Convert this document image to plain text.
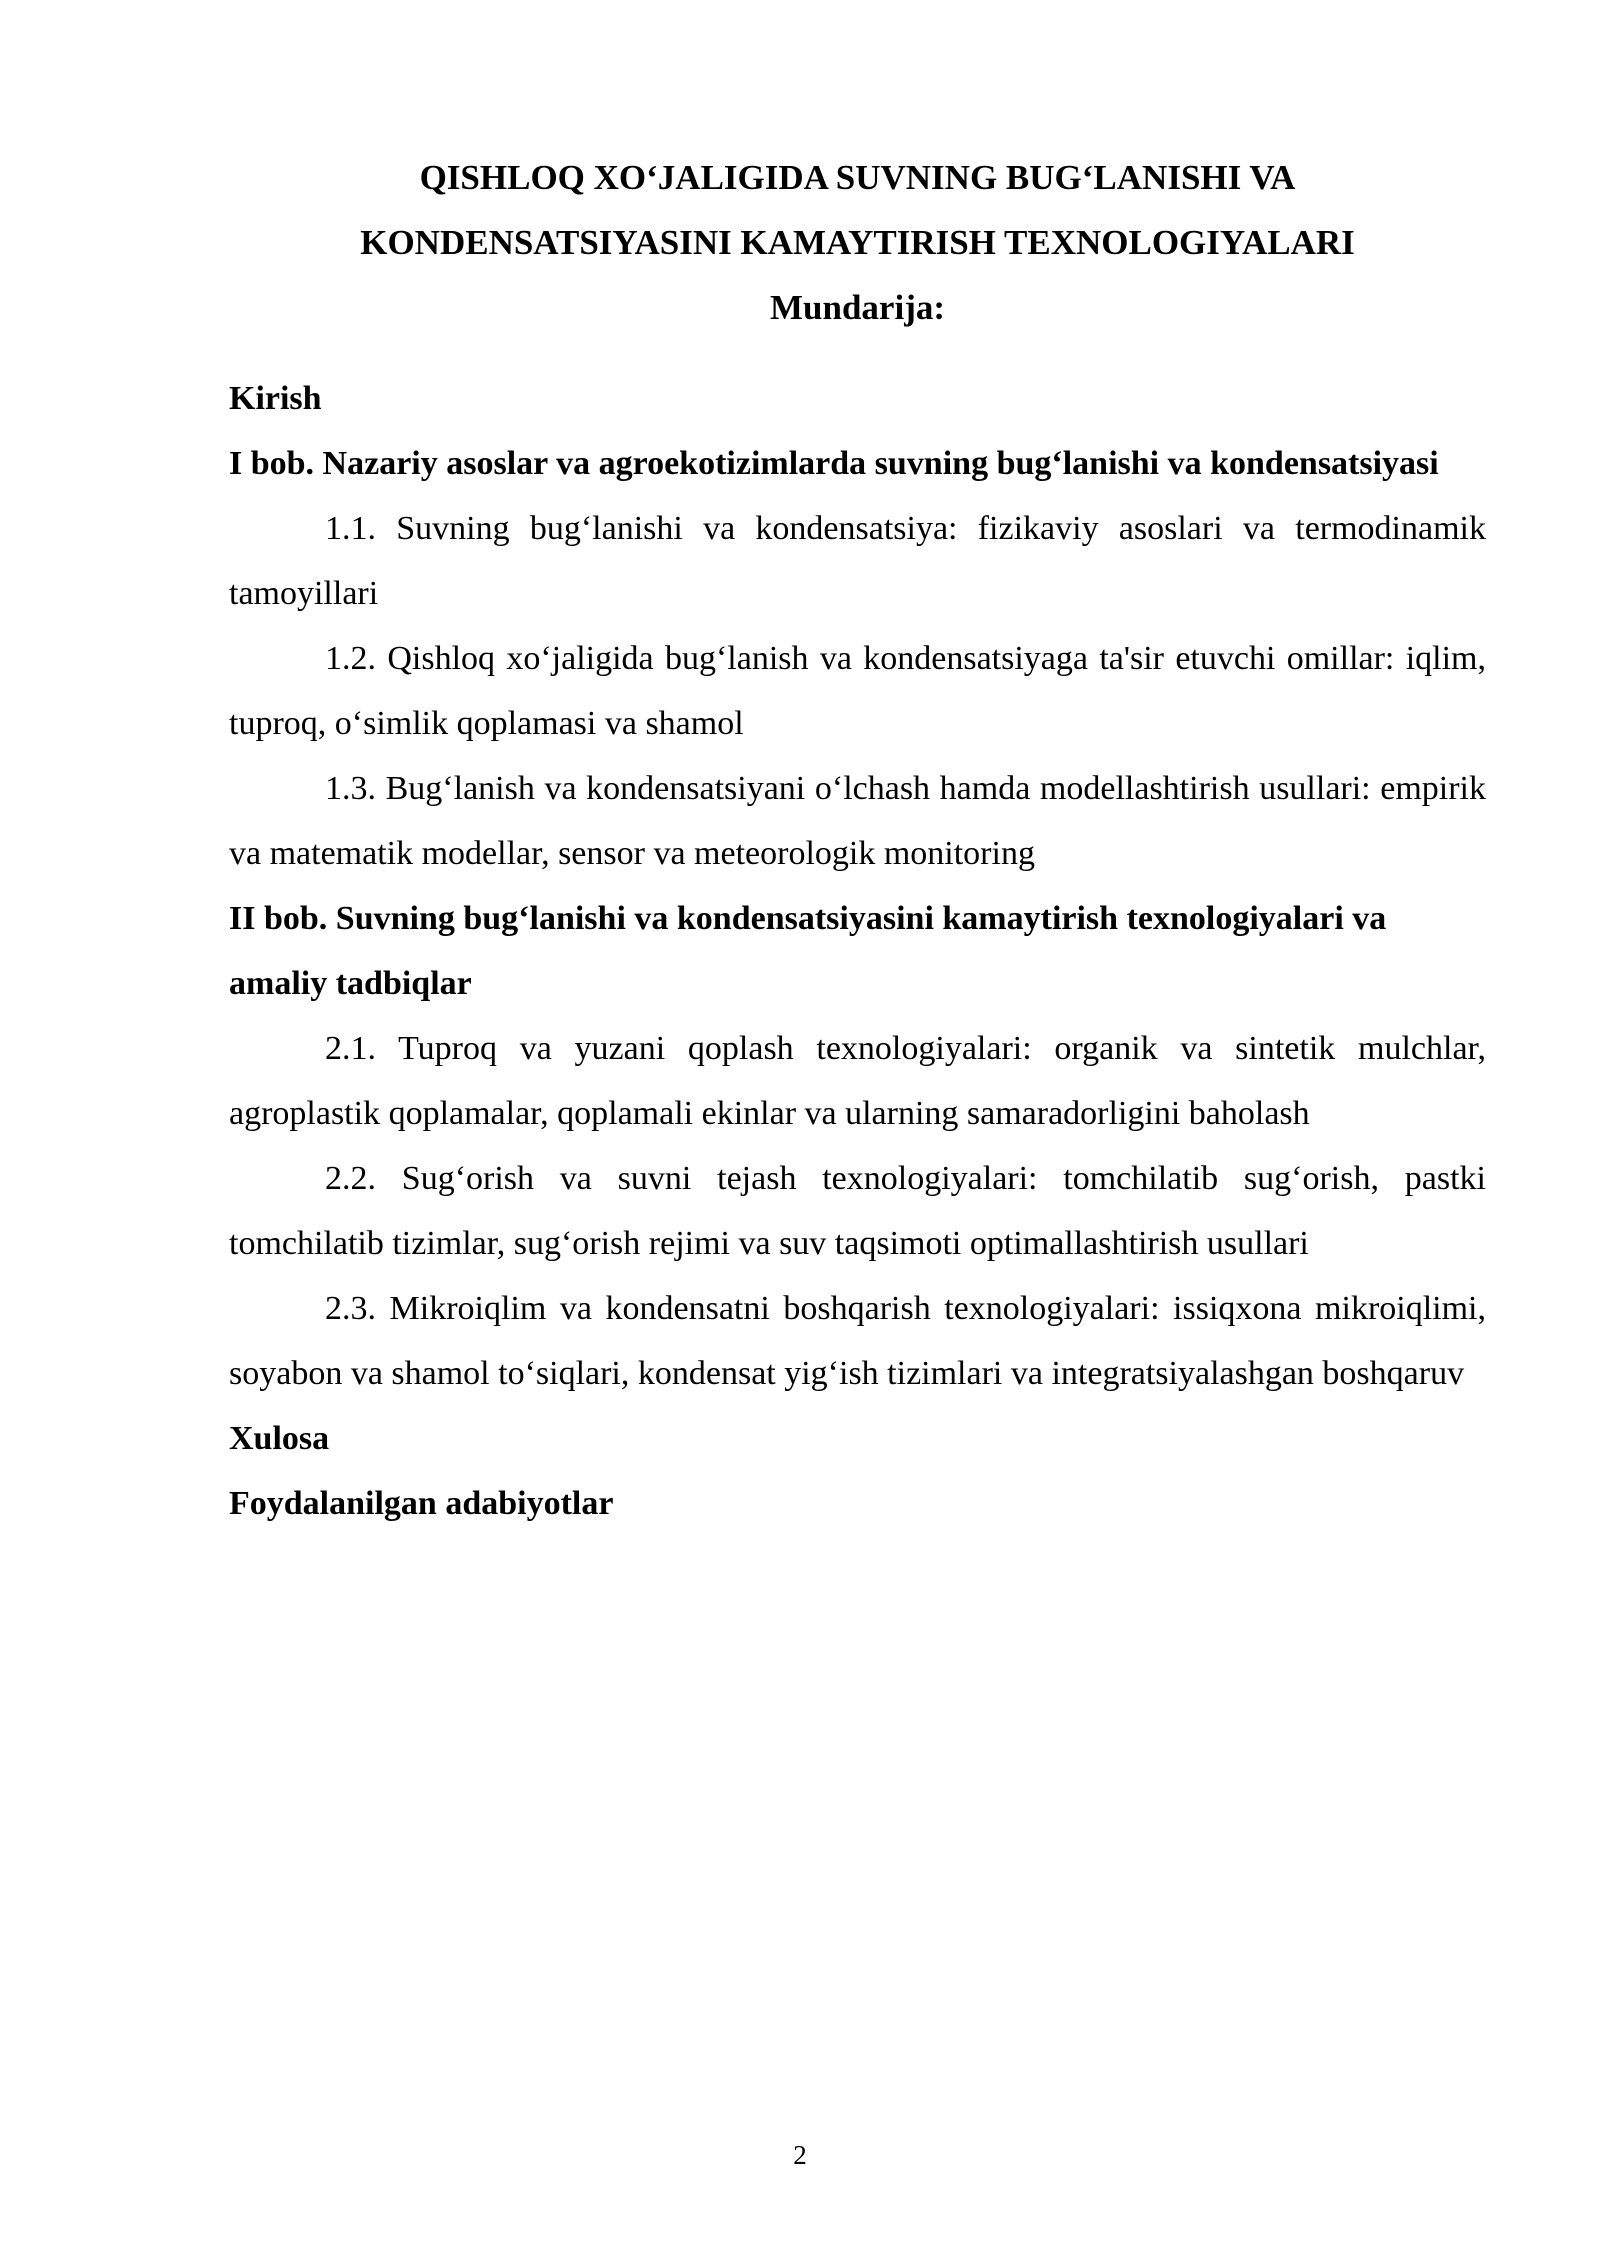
QISHLOQ XO‘JALIGIDA SUVNING BUG‘LANISHI VA
KONDENSATSIYASINI KAMAYTIRISH TEXNOLOGIYALARI
Mundarija:
Kirish
I bob. Nazariy asoslar va agroekotizimlarda suvning bug‘lanishi va kondensatsiyasi
1.1. Suvning bug‘lanishi va kondensatsiya: fizikaviy asoslari va termodinamik tamoyillari
1.2. Qishloq xo‘jaligida bug‘lanish va kondensatsiyaga ta'sir etuvchi omillar: iqlim, tuproq, o‘simlik qoplamasi va shamol
1.3. Bug‘lanish va kondensatsiyani o‘lchash hamda modellashtirish usullari: empirik va matematik modellar, sensor va meteorologik monitoring
II bob. Suvning bug‘lanishi va kondensatsiyasini kamaytirish texnologiyalari va amaliy tadbiqlar
2.1. Tuproq va yuzani qoplash texnologiyalari: organik va sintetik mulchlar, agroplastik qoplamalar, qoplamali ekinlar va ularning samaradorligini baholash
2.2. Sug‘orish va suvni tejash texnologiyalari: tomchilatib sug‘orish, pastki tomchilatib tizimlar, sug‘orish rejimi va suv taqsimoti optimallashtirish usullari
2.3. Mikroiqlim va kondensatni boshqarish texnologiyalari: issiqxona mikroiqlimi, soyabon va shamol to‘siqlari, kondensat yig‘ish tizimlari va integratsiyalashgan boshqaruv
Xulosa
Foydalanilgan adabiyotlar
2
